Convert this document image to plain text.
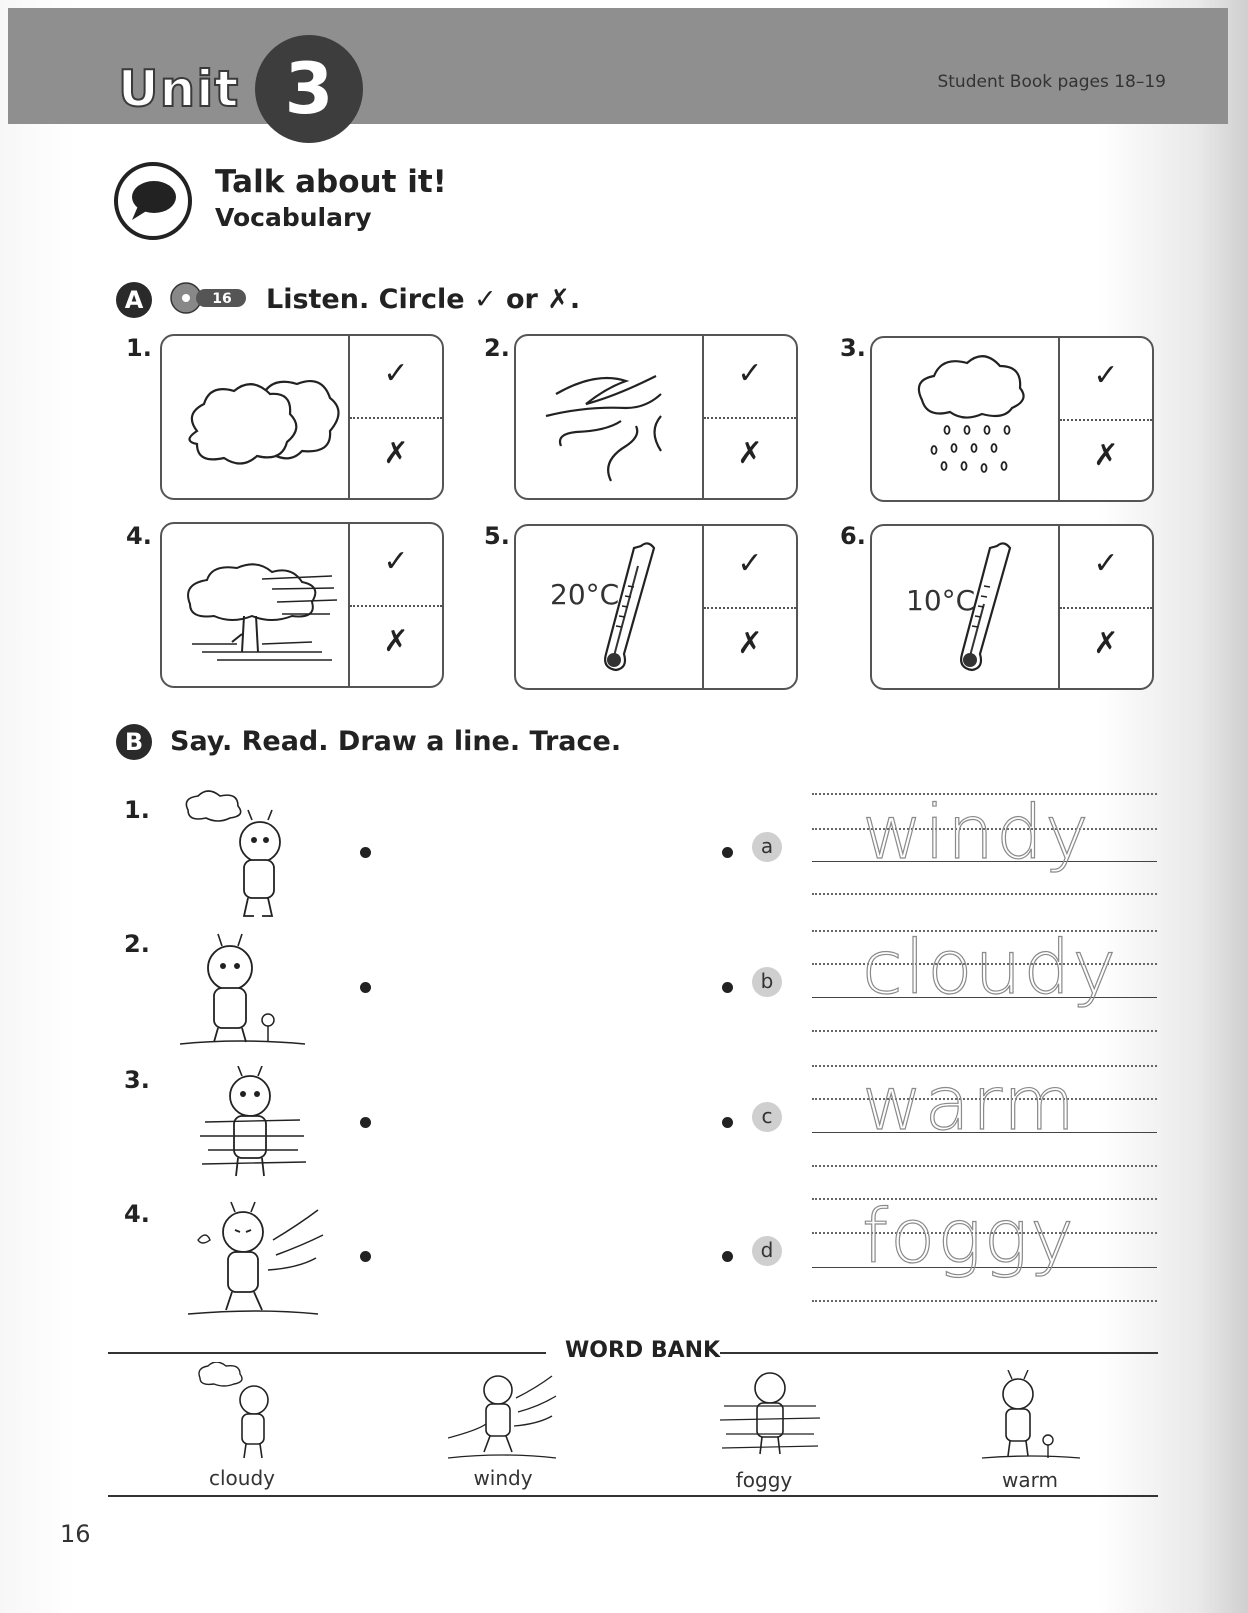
Unit 3	Student Book pages 18–19
Talk about it!
Vocabulary
A	16 Listen. Circle ✓ or ✗.
1.
✓
✗
2.
✓
✗
3.
✓
✗
4.
✓
✗
5.
20°C
✓
✗
6.
10°C
✓
✗
B Say. Read. Draw a line. Trace.
1.
a
2.
b
3.
c
4.
d
windy
cloudy
warm
foggy
WORD BANK
cloudy	windy	foggy	warm
16
